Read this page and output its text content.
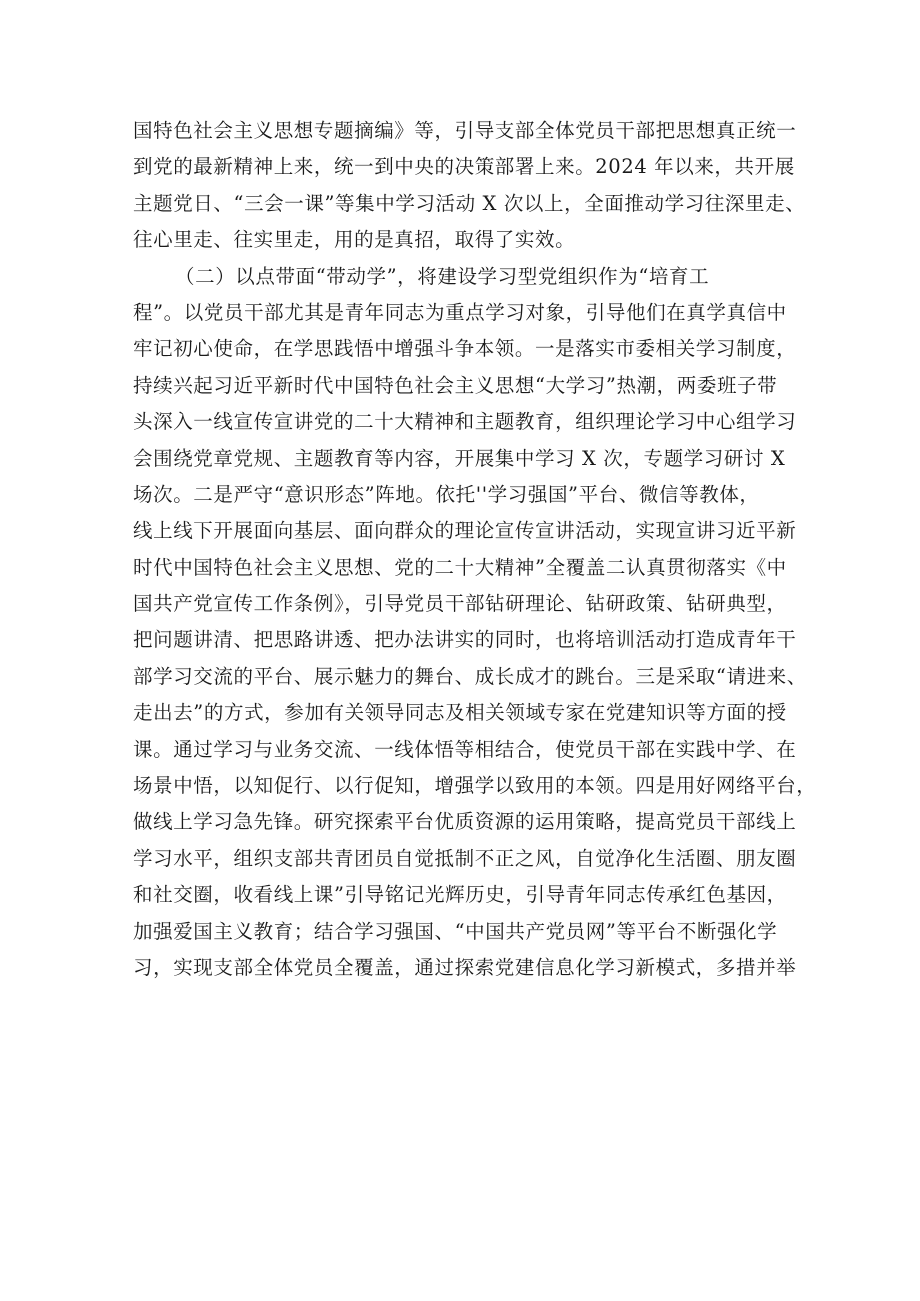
国特色社会主义思想专题摘编》等，引导支部全体党员干部把思想真正统一
到党的最新精神上来，统一到中央的决策部署上来。2024 年以来，共开展
主题党日、“三会一课”等集中学习活动 X 次以上，全面推动学习往深里走、
往心里走、往实里走，用的是真招，取得了实效。
（二）以点带面“带动学”，将建设学习型党组织作为“培育工
程”。以党员干部尤其是青年同志为重点学习对象，引导他们在真学真信中
牢记初心使命，在学思践悟中增强斗争本领。一是落实市委相关学习制度，
持续兴起习近平新时代中国特色社会主义思想“大学习”热潮，两委班子带
头深入一线宣传宣讲党的二十大精神和主题教育，组织理论学习中心组学习
会围绕党章党规、主题教育等内容，开展集中学习 X 次，专题学习研讨 X
场次。二是严守“意识形态”阵地。依托''学习强国”平台、微信等教体，
线上线下开展面向基层、面向群众的理论宣传宣讲活动，实现宣讲习近平新
时代中国特色社会主义思想、党的二十大精神”全覆盖二认真贯彻落实《中
国共产党宣传工作条例》，引导党员干部钻研理论、钻研政策、钻研典型，
把问题讲清、把思路讲透、把办法讲实的同时，也将培训活动打造成青年干
部学习交流的平台、展示魅力的舞台、成长成才的跳台。三是采取“请进来、
走出去”的方式，参加有关领导同志及相关领域专家在党建知识等方面的授
课。通过学习与业务交流、一线体悟等相结合，使党员干部在实践中学、在
场景中悟，以知促行、以行促知，增强学以致用的本领。四是用好网络平台，
做线上学习急先锋。研究探索平台优质资源的运用策略，提高党员干部线上
学习水平，组织支部共青团员自觉抵制不正之风，自觉净化生活圈、朋友圈
和社交圈，收看线上课”引导铭记光辉历史，引导青年同志传承红色基因，
加强爱国主义教育；结合学习强国、“中国共产党员网”等平台不断强化学
习，实现支部全体党员全覆盖，通过探索党建信息化学习新模式，多措并举
